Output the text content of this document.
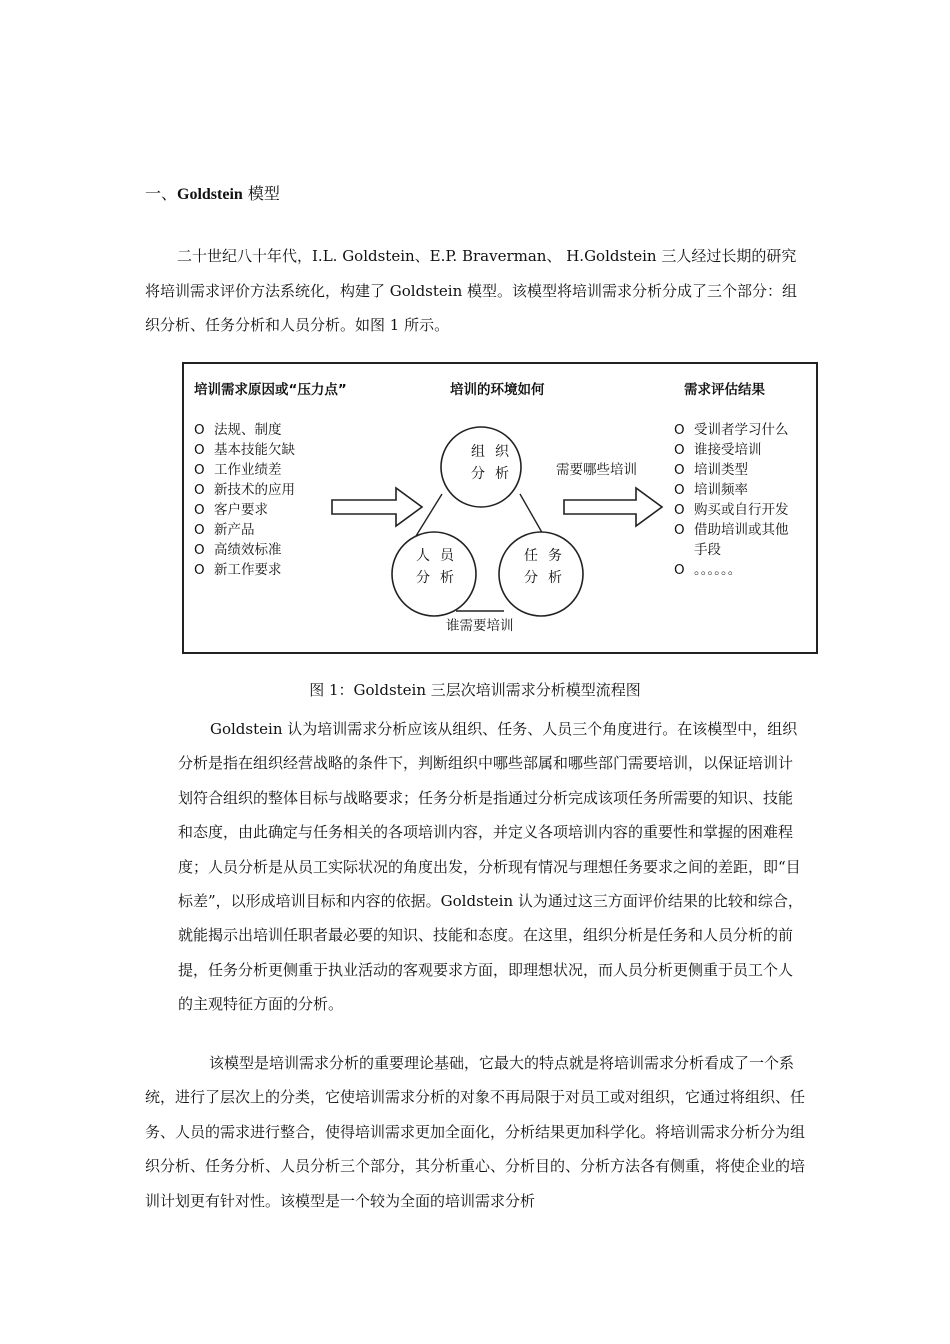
一、Goldstein 模型

二十世纪八十年代，I.L. Goldstein、E.P. Braverman、 H.Goldstein 三人经过长期的研究将培训需求评价方法系统化，构建了 Goldstein 模型。该模型将培训需求分析分成了三个部分：组织分析、任务分析和人员分析。如图 1 所示。

培训需求原因或“压力点”	培训的环境如何	需求评估结果
O 法规、制度
O 基本技能欠缺
O 工作业绩差
O 新技术的应用
O 客户要求
O 新产品
O 高绩效标准
O 新工作要求
组织
分析
人员
分析
任务
分析
需要哪些培训
谁需要培训
O 受训者学习什么
O 谁接受培训
O 培训类型
O 培训频率
O 购买或自行开发
O 借助培训或其他
手段
O 。。。。。。
图 1：Goldstein 三层次培训需求分析模型流程图

Goldstein 认为培训需求分析应该从组织、任务、人员三个角度进行。在该模型中，组织分析是指在组织经营战略的条件下，判断组织中哪些部属和哪些部门需要培训，以保证培训计划符合组织的整体目标与战略要求；任务分析是指通过分析完成该项任务所需要的知识、技能和态度，由此确定与任务相关的各项培训内容，并定义各项培训内容的重要性和掌握的困难程度；人员分析是从员工实际状况的角度出发，分析现有情况与理想任务要求之间的差距，即“目标差”，以形成培训目标和内容的依据。Goldstein 认为通过这三方面评价结果的比较和综合，就能揭示出培训任职者最必要的知识、技能和态度。在这里，组织分析是任务和人员分析的前提，任务分析更侧重于执业活动的客观要求方面，即理想状况，而人员分析更侧重于员工个人的主观特征方面的分析。

该模型是培训需求分析的重要理论基础，它最大的特点就是将培训需求分析看成了一个系统，进行了层次上的分类，它使培训需求分析的对象不再局限于对员工或对组织，它通过将组织、任务、人员的需求进行整合，使得培训需求更加全面化，分析结果更加科学化。将培训需求分析分为组织分析、任务分析、人员分析三个部分，其分析重心、分析目的、分析方法各有侧重，将使企业的培训计划更有针对性。该模型是一个较为全面的培训需求分析
